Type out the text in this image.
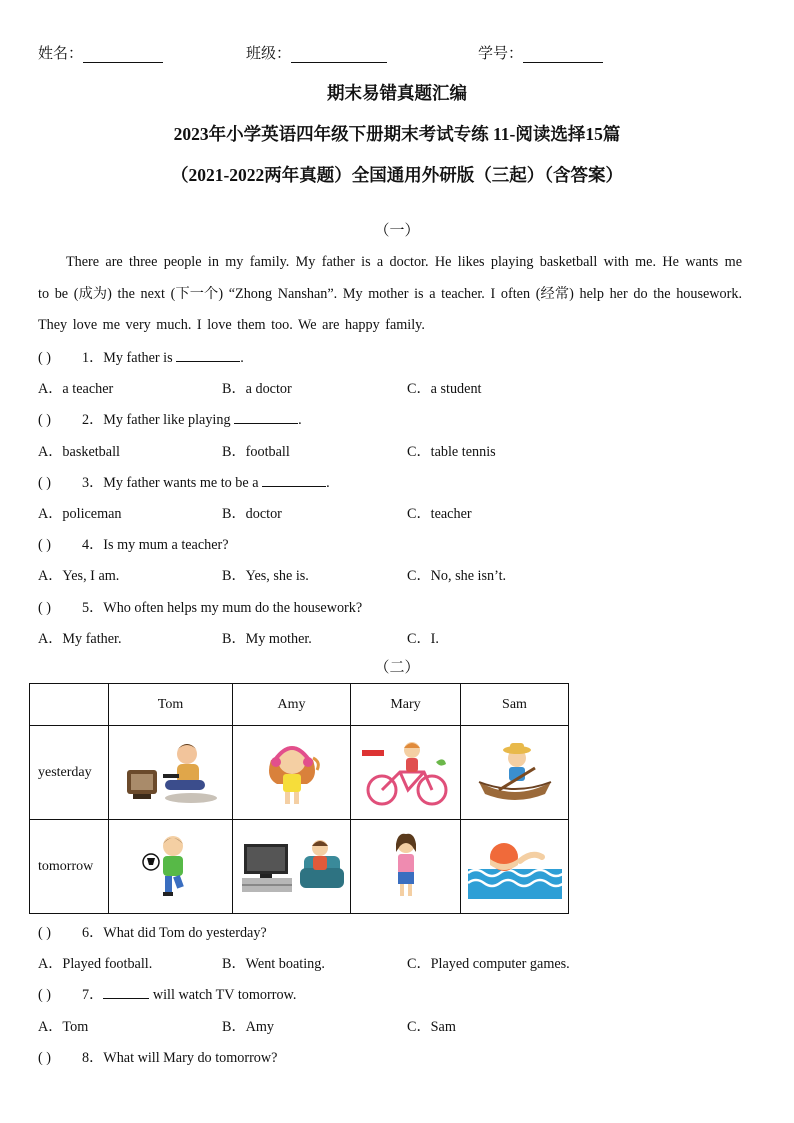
姓名：	班级：	学号：
期末易错真题汇编
2023年小学英语四年级下册期末考试专练 11-阅读选择15篇
（2021-2022两年真题）全国通用外研版（三起）（含答案）
（一）
There are three people in my family. My father is a doctor. He likes playing basketball with me. He wants me to be (成为) the next (下一个) “Zhong Nanshan”. My mother is a teacher. I often (经常) help her do the housework. They love me very much. I love them too. We are happy family.
( ) 1．My father is	.
A．a teacher	B．a doctor	C．a student
( ) 2．My father like playing	.
A．basketball	B．football	C．table tennis
( ) 3．My father wants me to be a	.
A．policeman	B．doctor	C．teacher
( ) 4．Is my mum a teacher?
A．Yes, I am.	B．Yes, she is.	C．No, she isn’t.
( ) 5．Who often helps my mum do the housework?
A．My father.	B．My mother.	C．I.
（二）
	Tom	Amy	Mary	Sam
yesterday	

tomorrow	

( ) 6．What did Tom do yesterday?
A．Played football.	B．Went boating.	C．Played computer games.
( ) 7．	will watch TV tomorrow.
A．Tom	B．Amy	C．Sam
( ) 8．What will Mary do tomorrow?
